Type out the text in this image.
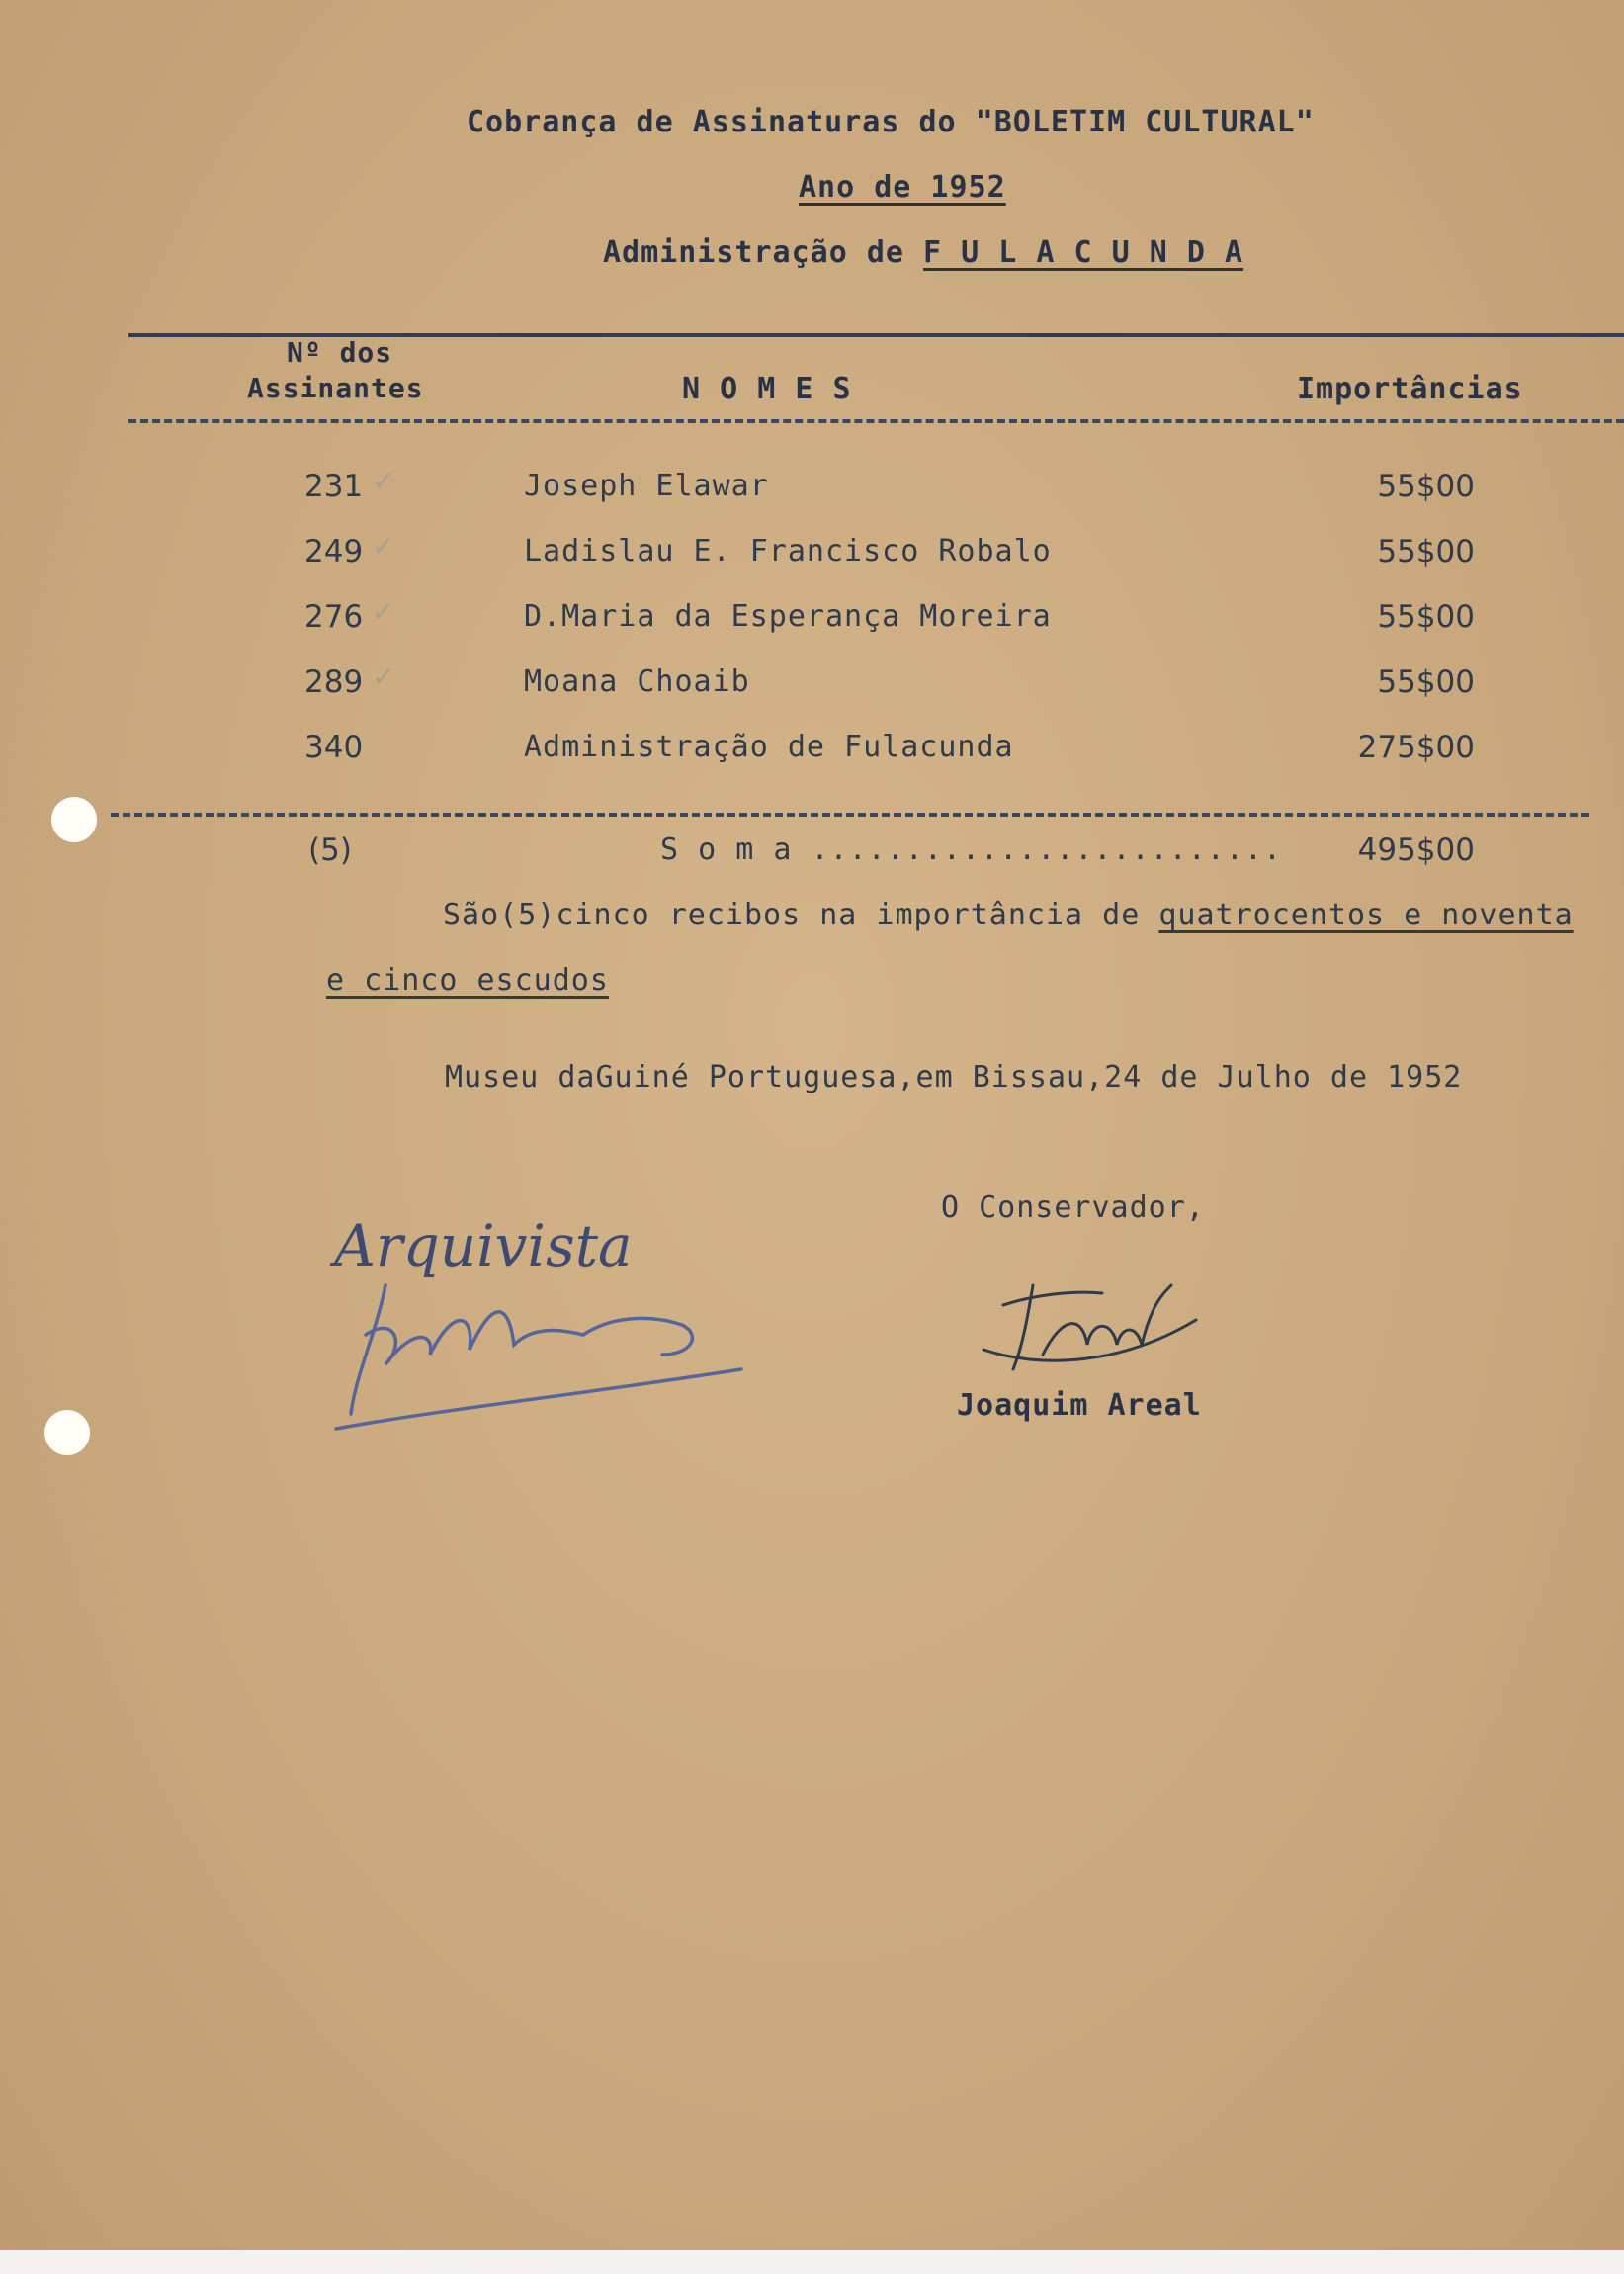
Cobrança de Assinaturas do "BOLETIM CULTURAL"
Ano de 1952
Administração de F U L A C U N D A
Nº dos
Assinantes	N O M E S	Importâncias
231 ✓	Joseph Elawar	55$00
249 ✓	Ladislau E. Francisco Robalo	55$00
276 ✓	D.Maria da Esperança Moreira	55$00
289 ✓	Moana Choaib	55$00
340	Administração de Fulacunda	275$00
(5)	S o m a .........................	495$00
São(5)cinco recibos na importância de quatrocentos e noventa
e cinco escudos
Museu daGuiné Portuguesa,em Bissau,24 de Julho de 1952
O Conservador,
Joaquim Areal
Arquivista
